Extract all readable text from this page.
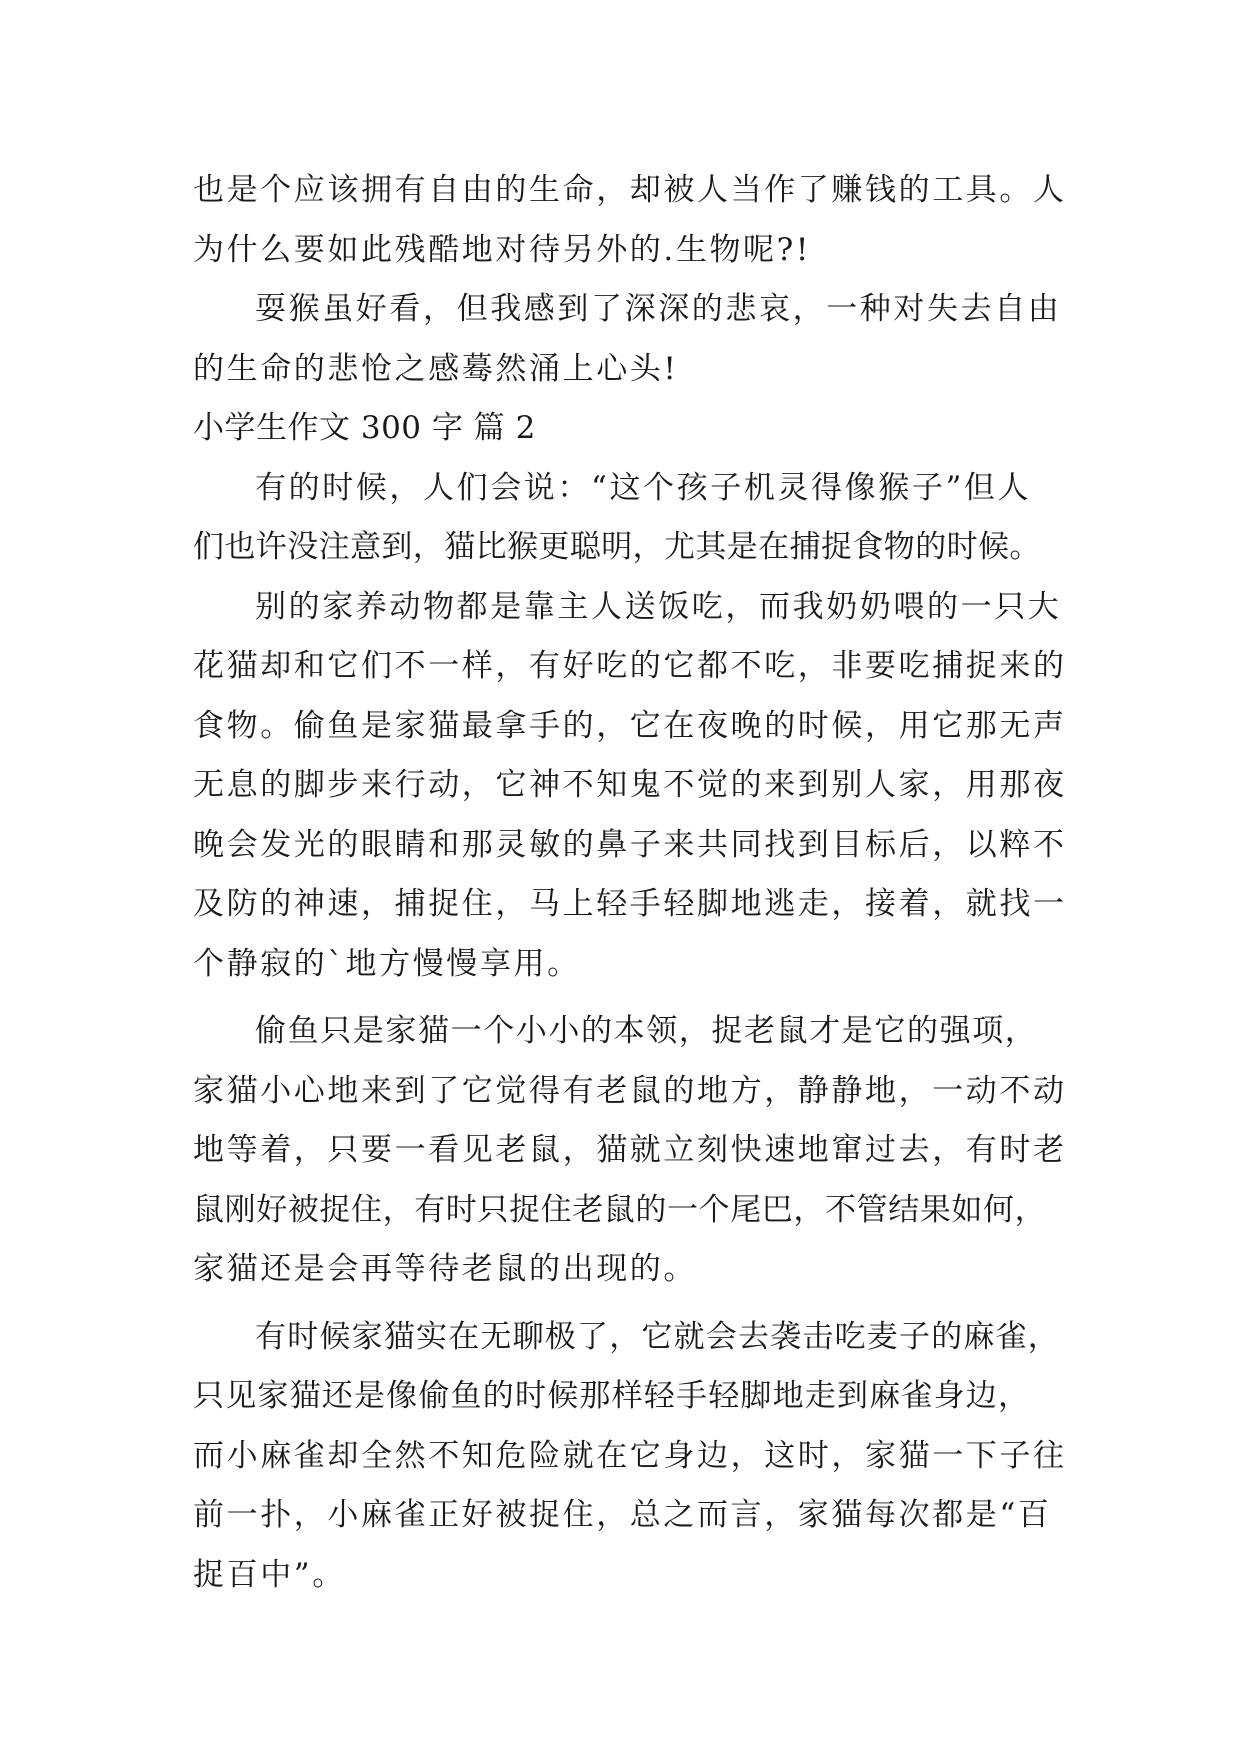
也是个应该拥有自由的生命，却被人当作了赚钱的工具。人
为什么要如此残酷地对待另外的.生物呢?!
耍猴虽好看，但我感到了深深的悲哀，一种对失去自由
的生命的悲怆之感蓦然涌上心头!
小学生作文 300 字 篇 2
有的时候，人们会说：“这个孩子机灵得像猴子”但人
们也许没注意到，猫比猴更聪明，尤其是在捕捉食物的时候。
别的家养动物都是靠主人送饭吃，而我奶奶喂的一只大
花猫却和它们不一样，有好吃的它都不吃，非要吃捕捉来的
食物。偷鱼是家猫最拿手的，它在夜晚的时候，用它那无声
无息的脚步来行动，它神不知鬼不觉的来到别人家，用那夜
晚会发光的眼睛和那灵敏的鼻子来共同找到目标后，以粹不
及防的神速，捕捉住，马上轻手轻脚地逃走，接着，就找一
个静寂的`地方慢慢享用。
偷鱼只是家猫一个小小的本领，捉老鼠才是它的强项，
家猫小心地来到了它觉得有老鼠的地方，静静地，一动不动
地等着，只要一看见老鼠，猫就立刻快速地窜过去，有时老
鼠刚好被捉住，有时只捉住老鼠的一个尾巴，不管结果如何，
家猫还是会再等待老鼠的出现的。
有时候家猫实在无聊极了，它就会去袭击吃麦子的麻雀，
只见家猫还是像偷鱼的时候那样轻手轻脚地走到麻雀身边，
而小麻雀却全然不知危险就在它身边，这时，家猫一下子往
前一扑，小麻雀正好被捉住，总之而言，家猫每次都是“百
捉百中”。
